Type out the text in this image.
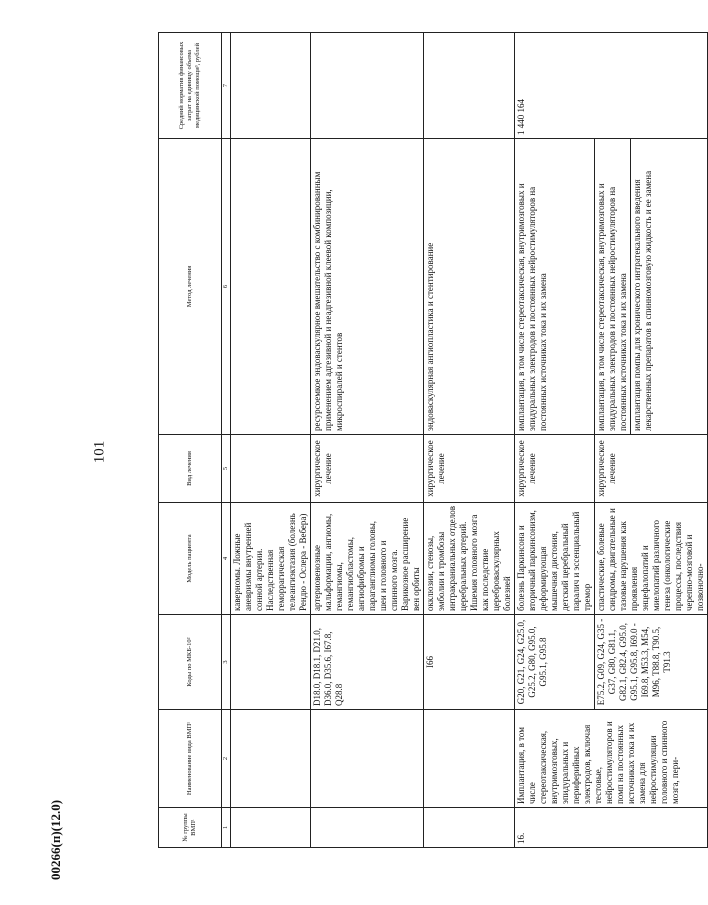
101
00266(п)(12.0)	№ группы ВМП¹	Наименование вида ВМП¹	Коды по МКБ-10²	Модель пациента	Вид лечения	Метод лечения	Средний норматив финансовых затрат на единицу объема медицинской помощи³, рублей
1	2	3	4	5	6	7
			каверномы. Ложные аневризмы внутренней сонной артерии. Наследственная геморрагическая телеангиэктазия (болезнь Рендю - Ослера - Вебера)			
		D18.0, D18.1, D21.0, D36.0, D35.6, I67.8, Q28.8	артериовенозные мальформации, ангиомы, гемангиомы, гемангиобластомы, ангиофибромы и параганглиомы головы, шеи и головного и спинного мозга. Варикозное расширение вен орбиты	хирургическое лечение	ресурсоемкое эндоваскулярное вмешательство с комбинированным применением адгезивной и неадгезивной клеевой композиции, микроспиралей и стентов	
		I66	окклюзии, стенозы, эмболии и тромбозы интракраниальных отделов церебральных артерий. Ишемия головного мозга как последствие цереброваскулярных болезней	хирургическое лечение	эндоваскулярная ангиопластика и стентирование	
16.	Имплантация, в том числе стереотаксическая, внутримозговых, эпидуральных и периферийных электродов, включая тестовые, нейростимуляторов и помп на постоянных источниках тока и их замена для нейростимуляции головного и спинного мозга, пери-	G20, G21, G24, G25.0, G25.2, G80, G95.0, G95.1, G95.8	болезнь Паркинсона и вторичный паркинсонизм, деформирующая мышечная дистония, детский церебральный паралич и эссенциальный тремор	хирургическое лечение	имплантация, в том числе стереотаксическая, внутримозговых и эпидуральных электродов и постоянных нейростимуляторов на постоянных источниках тока и их замена	1 440 164
		E75.2, G09, G24, G35 - G37, G80, G81.1, G82.1, G82.4, G95.0, G95.1, G95.8, I69.0 - I69.8, M53.3, M54, M96, T88.8, T90.5, T91.3	спастические, болевые синдромы, двигательные и тазовые нарушения как проявления энцефалопатий и миелопатий различного генеза (онкологические процессы, последствия черепно-мозговой и позвоночно-	хирургическое лечение	имплантация, в том числе стереотаксическая, внутримозговых и эпидуральных электродов и постоянных нейростимуляторов на постоянных источниках тока и их замена имплантация помпы для хронического интратекального введения лекарственных препаратов в спинномозговую жидкость и ее замена	
